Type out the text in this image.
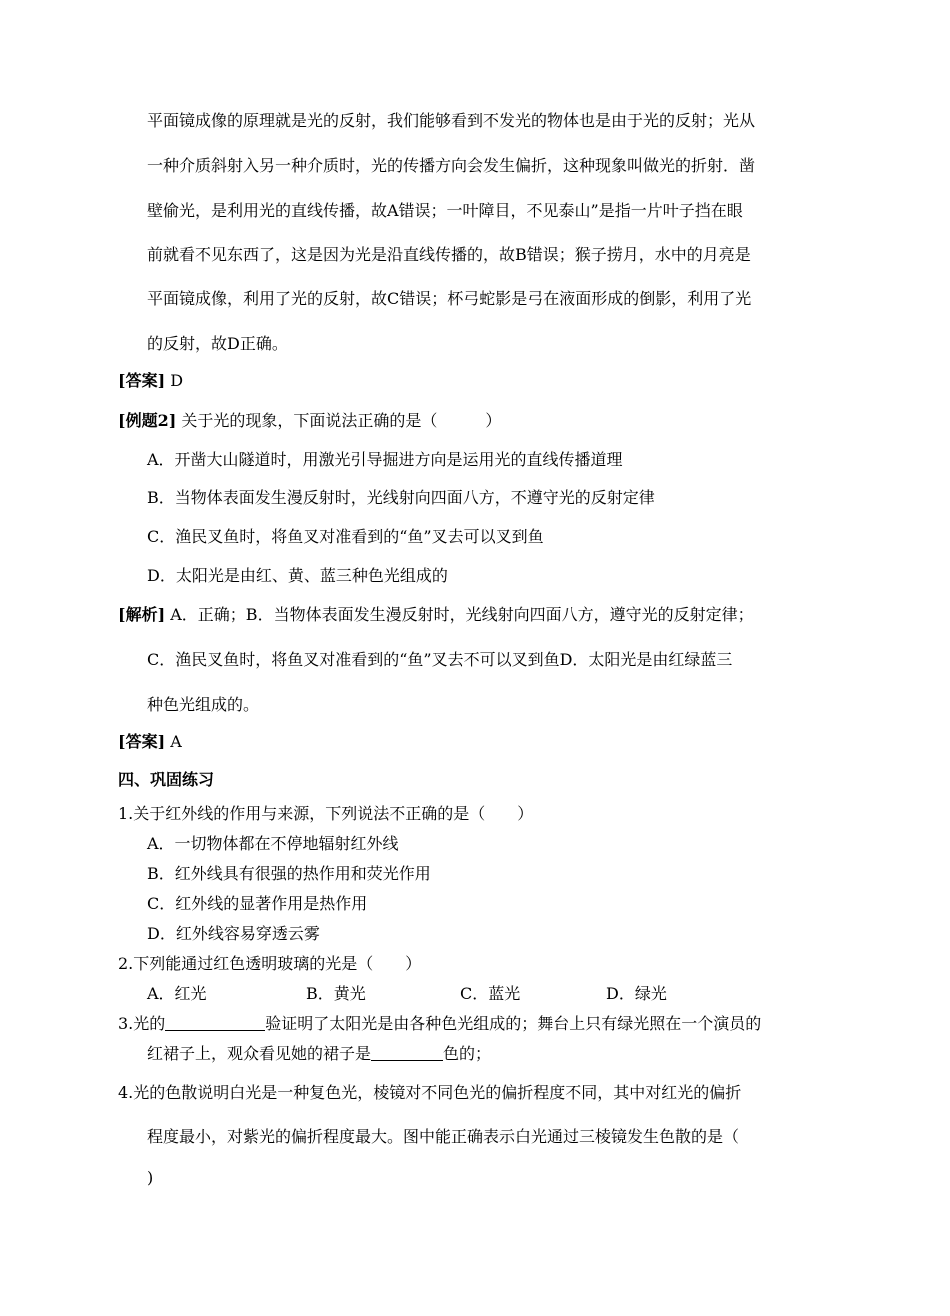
平面镜成像的原理就是光的反射，我们能够看到不发光的物体也是由于光的反射；光从
一种介质斜射入另一种介质时，光的传播方向会发生偏折，这种现象叫做光的折射．凿
壁偷光，是利用光的直线传播，故A错误；一叶障目，不见泰山”是指一片叶子挡在眼
前就看不见东西了，这是因为光是沿直线传播的，故B错误；猴子捞月，水中的月亮是
平面镜成像，利用了光的反射，故C错误；杯弓蛇影是弓在液面形成的倒影，利用了光
的反射，故D正确。
[答案] D
[例题2] 关于光的现象，下面说法正确的是（　　　）
A．开凿大山隧道时，用激光引导掘进方向是运用光的直线传播道理
B．当物体表面发生漫反射时，光线射向四面八方，不遵守光的反射定律
C．渔民叉鱼时，将鱼叉对准看到的“鱼”叉去可以叉到鱼
D．太阳光是由红、黄、蓝三种色光组成的
[解析] A．正确；B．当物体表面发生漫反射时，光线射向四面八方，遵守光的反射定律；
C．渔民叉鱼时，将鱼叉对准看到的“鱼”叉去不可以叉到鱼D．太阳光是由红绿蓝三
种色光组成的。
[答案] A
四、巩固练习
1.关于红外线的作用与来源，下列说法不正确的是（　　）
A．一切物体都在不停地辐射红外线
B．红外线具有很强的热作用和荧光作用
C．红外线的显著作用是热作用
D．红外线容易穿透云雾
2.下列能通过红色透明玻璃的光是（　　）
A．红光	B．黄光	C．蓝光	D．绿光
3.光的	验证明了太阳光是由各种色光组成的；舞台上只有绿光照在一个演员的
红裙子上，观众看见她的裙子是	色的；
4.光的色散说明白光是一种复色光，棱镜对不同色光的偏折程度不同，其中对红光的偏折
程度最小，对紫光的偏折程度最大。图中能正确表示白光通过三棱镜发生色散的是（
)
